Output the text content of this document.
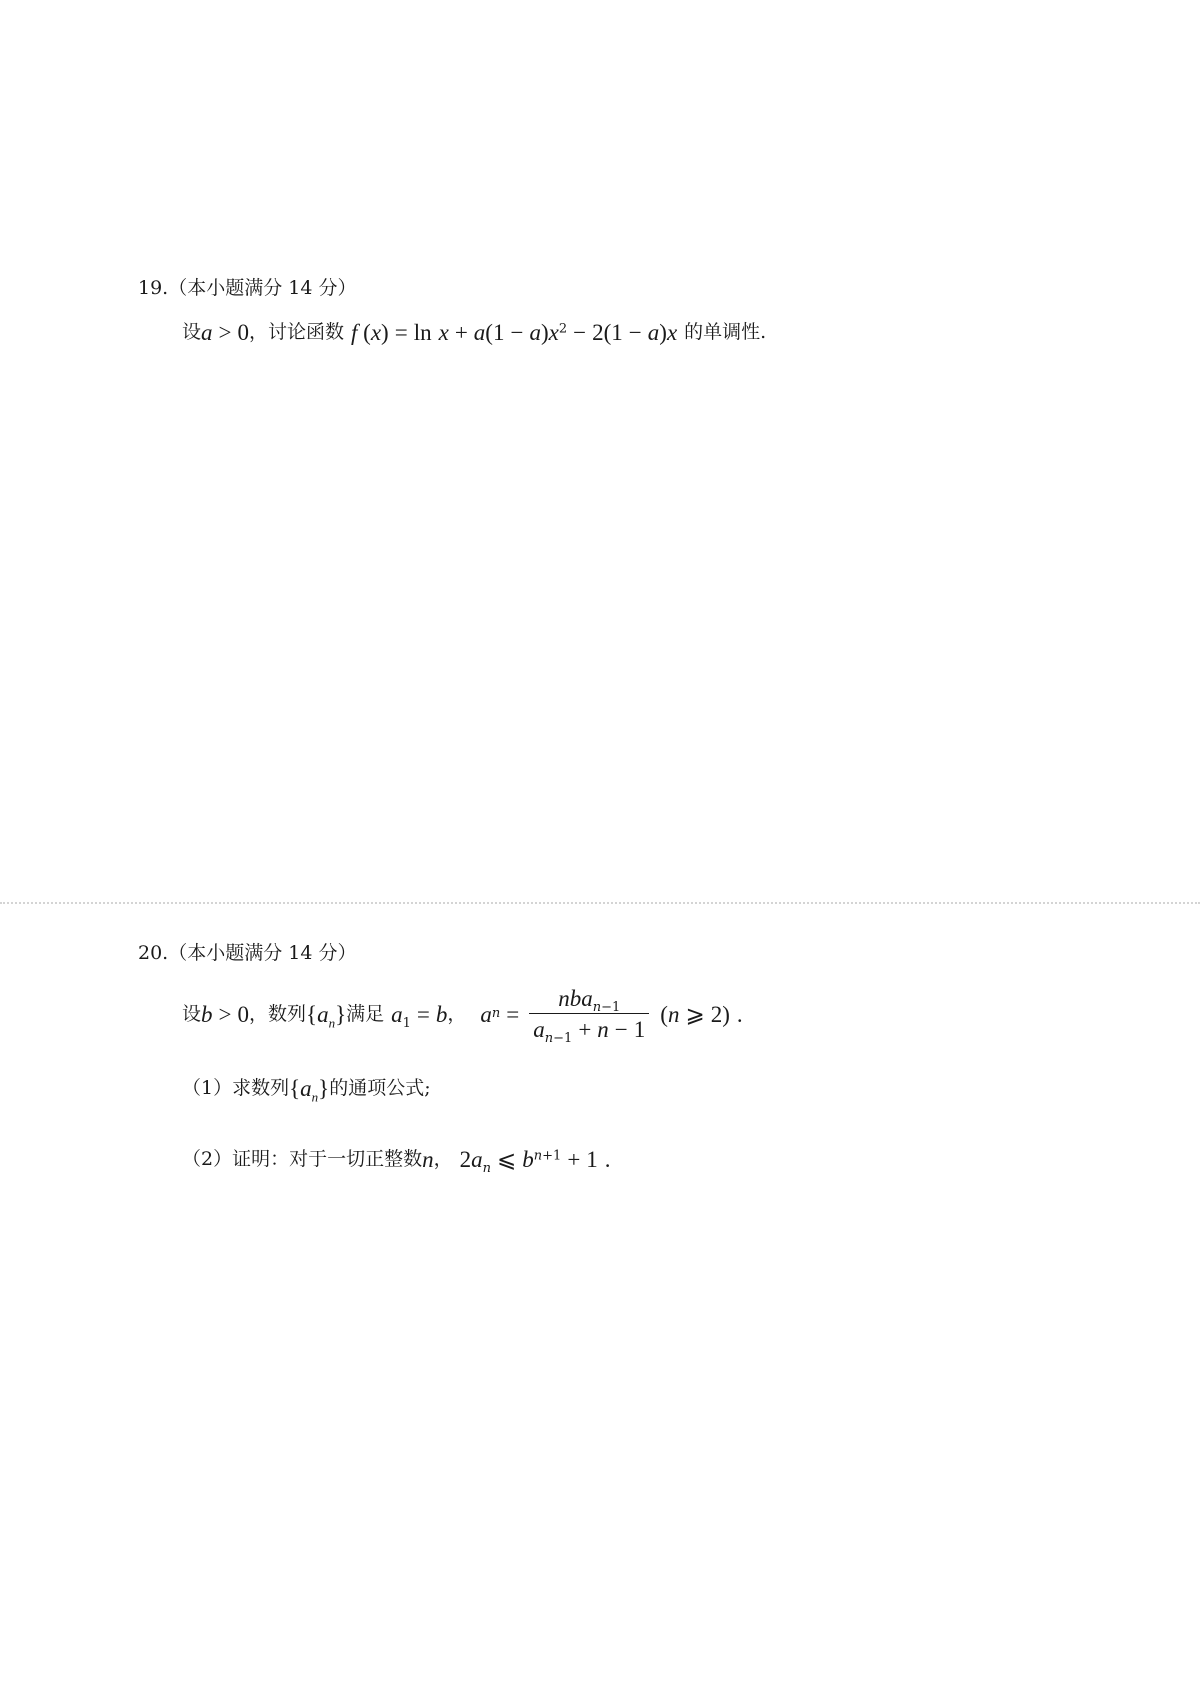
19.（本小题满分 14 分）
设 a > 0 ，讨论函数 f $(x) = \ln x + a(1 - a)x^2 - 2(1 - a)x$ 的单调性.
20.（本小题满分 14 分）
设 b > 0 ，数列 $\{a_n\}$ 满足 $a_1 = b$ ， a $n = \frac{nba_{n-1}}{a_{n-1} + n - 1}$ ( n ⩾ 2) .
（1）求数列 $\{a_n\}$ 的通项公式;
（2）证明：对于一切正整数 n ， $2a_n$ ⩽ $b^{n+1} + 1$ .
